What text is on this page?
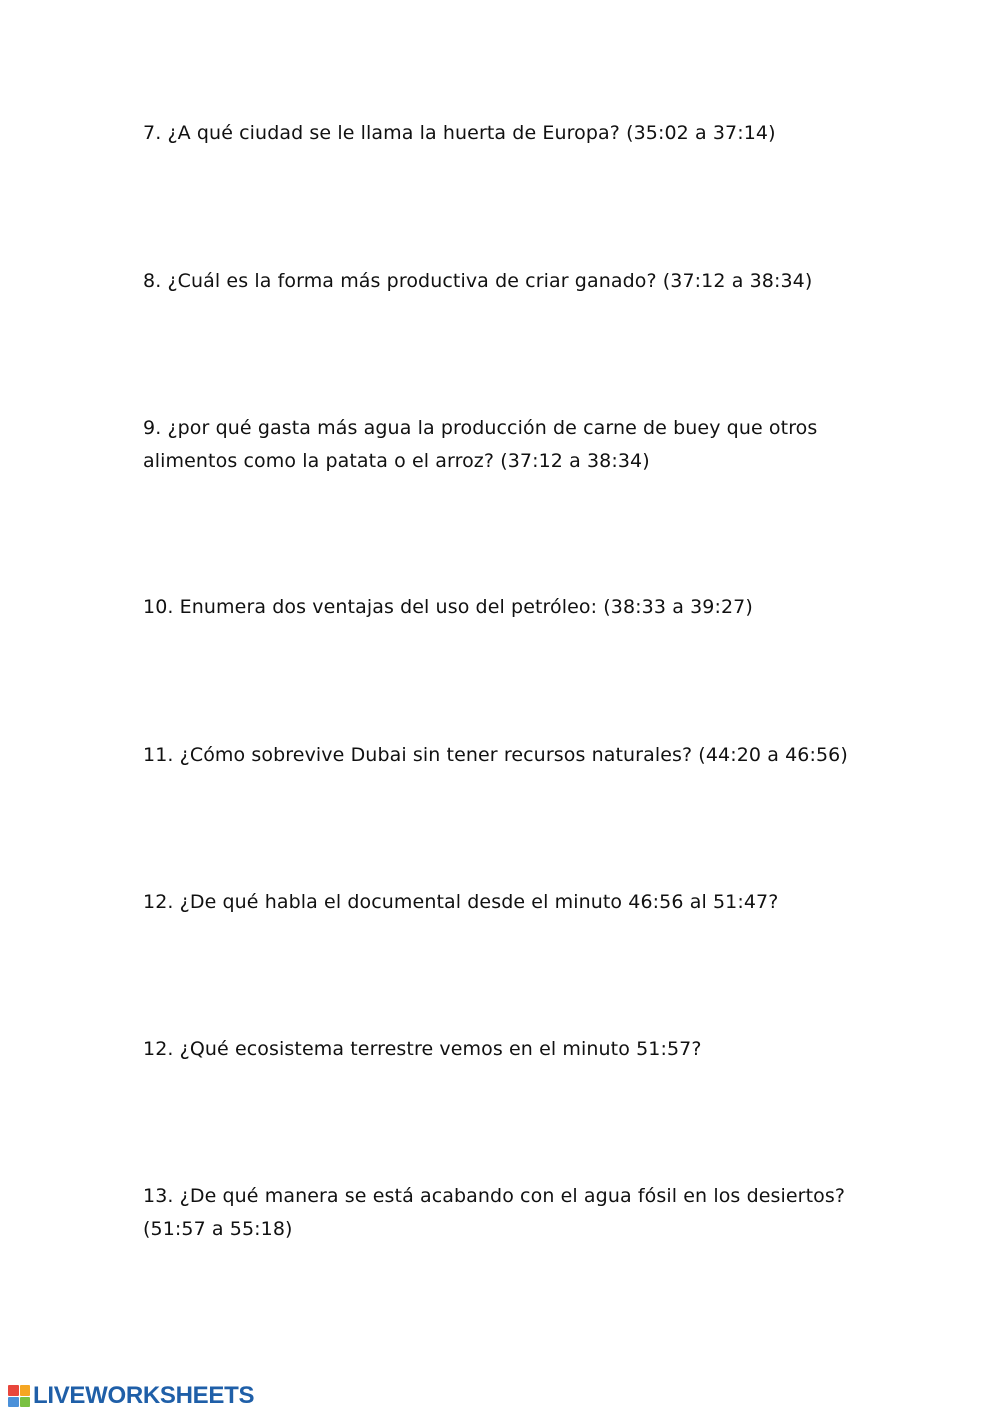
7. ¿A qué ciudad se le llama la huerta de Europa? (35:02 a 37:14)

8. ¿Cuál es la forma más productiva de criar ganado? (37:12 a 38:34)

9. ¿por qué gasta más agua la producción de carne de buey que otros
alimentos como la patata o el arroz? (37:12 a 38:34)

10. Enumera dos ventajas del uso del petróleo: (38:33 a 39:27)

11. ¿Cómo sobrevive Dubai sin tener recursos naturales? (44:20 a 46:56)

12. ¿De qué habla el documental desde el minuto 46:56 al 51:47?

12. ¿Qué ecosistema terrestre vemos en el minuto 51:57?

13. ¿De qué manera se está acabando con el agua fósil en los desiertos?
(51:57 a 55:18)

LIVEWORKSHEETS
